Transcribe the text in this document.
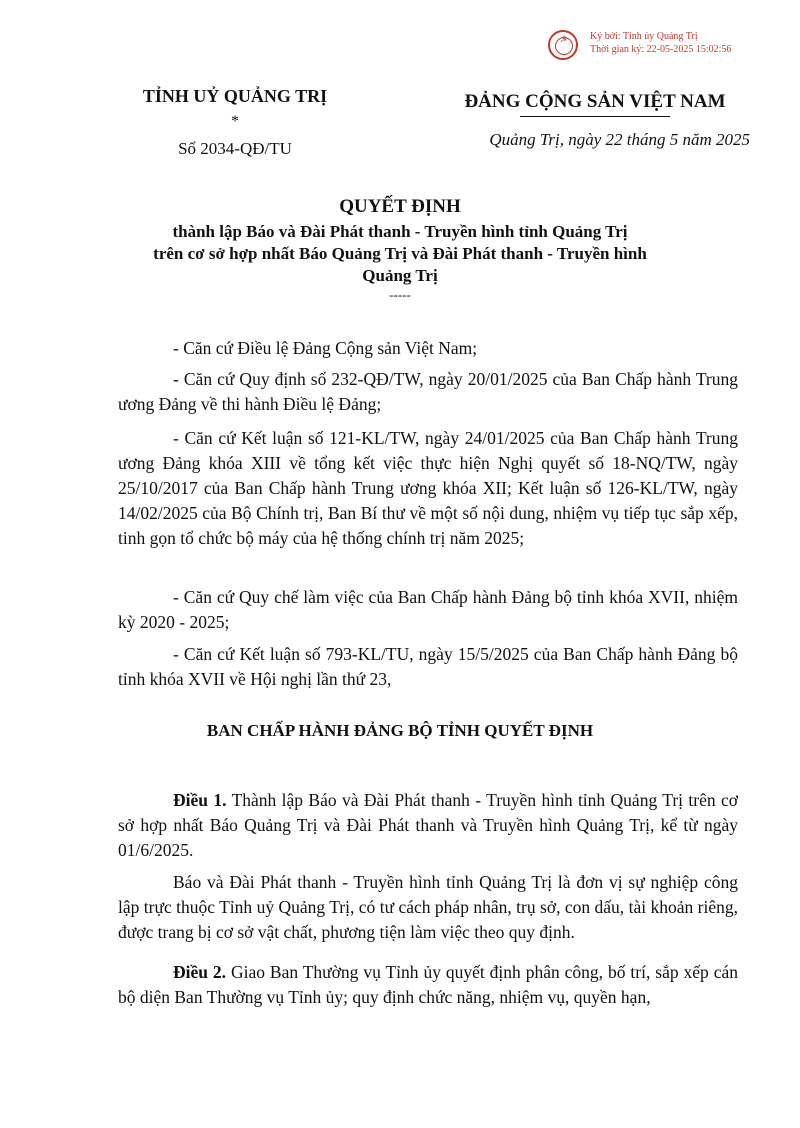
☭ Ký bởi: Tỉnh ủy Quảng Trị
Thời gian ký: 22-05-2025 15:02:56
TỈNH UỶ QUẢNG TRỊ
*
Số 2034-QĐ/TU
ĐẢNG CỘNG SẢN VIỆT NAM
Quảng Trị, ngày 22 tháng 5 năm 2025
QUYẾT ĐỊNH
thành lập Báo và Đài Phát thanh - Truyền hình tỉnh Quảng Trị
trên cơ sở hợp nhất Báo Quảng Trị và Đài Phát thanh - Truyền hình
Quảng Trị
-----
- Căn cứ Điều lệ Đảng Cộng sản Việt Nam;
- Căn cứ Quy định số 232-QĐ/TW, ngày 20/01/2025 của Ban Chấp hành Trung ương Đảng về thi hành Điều lệ Đảng;
- Căn cứ Kết luận số 121-KL/TW, ngày 24/01/2025 của Ban Chấp hành Trung ương Đảng khóa XIII về tổng kết việc thực hiện Nghị quyết số 18-NQ/TW, ngày 25/10/2017 của Ban Chấp hành Trung ương khóa XII; Kết luận số 126-KL/TW, ngày 14/02/2025 của Bộ Chính trị, Ban Bí thư về một số nội dung, nhiệm vụ tiếp tục sắp xếp, tinh gọn tổ chức bộ máy của hệ thống chính trị năm 2025;
- Căn cứ Quy chế làm việc của Ban Chấp hành Đảng bộ tỉnh khóa XVII, nhiệm kỳ 2020 - 2025;
- Căn cứ Kết luận số 793-KL/TU, ngày 15/5/2025 của Ban Chấp hành Đảng bộ tỉnh khóa XVII về Hội nghị lần thứ 23,
BAN CHẤP HÀNH ĐẢNG BỘ TỈNH QUYẾT ĐỊNH
Điều 1. Thành lập Báo và Đài Phát thanh - Truyền hình tỉnh Quảng Trị trên cơ sở hợp nhất Báo Quảng Trị và Đài Phát thanh và Truyền hình Quảng Trị, kể từ ngày 01/6/2025.
Báo và Đài Phát thanh - Truyền hình tỉnh Quảng Trị là đơn vị sự nghiệp công lập trực thuộc Tỉnh uỷ Quảng Trị, có tư cách pháp nhân, trụ sở, con dấu, tài khoản riêng, được trang bị cơ sở vật chất, phương tiện làm việc theo quy định.
Điều 2. Giao Ban Thường vụ Tỉnh ủy quyết định phân công, bố trí, sắp xếp cán bộ diện Ban Thường vụ Tỉnh ủy; quy định chức năng, nhiệm vụ, quyền hạn,
